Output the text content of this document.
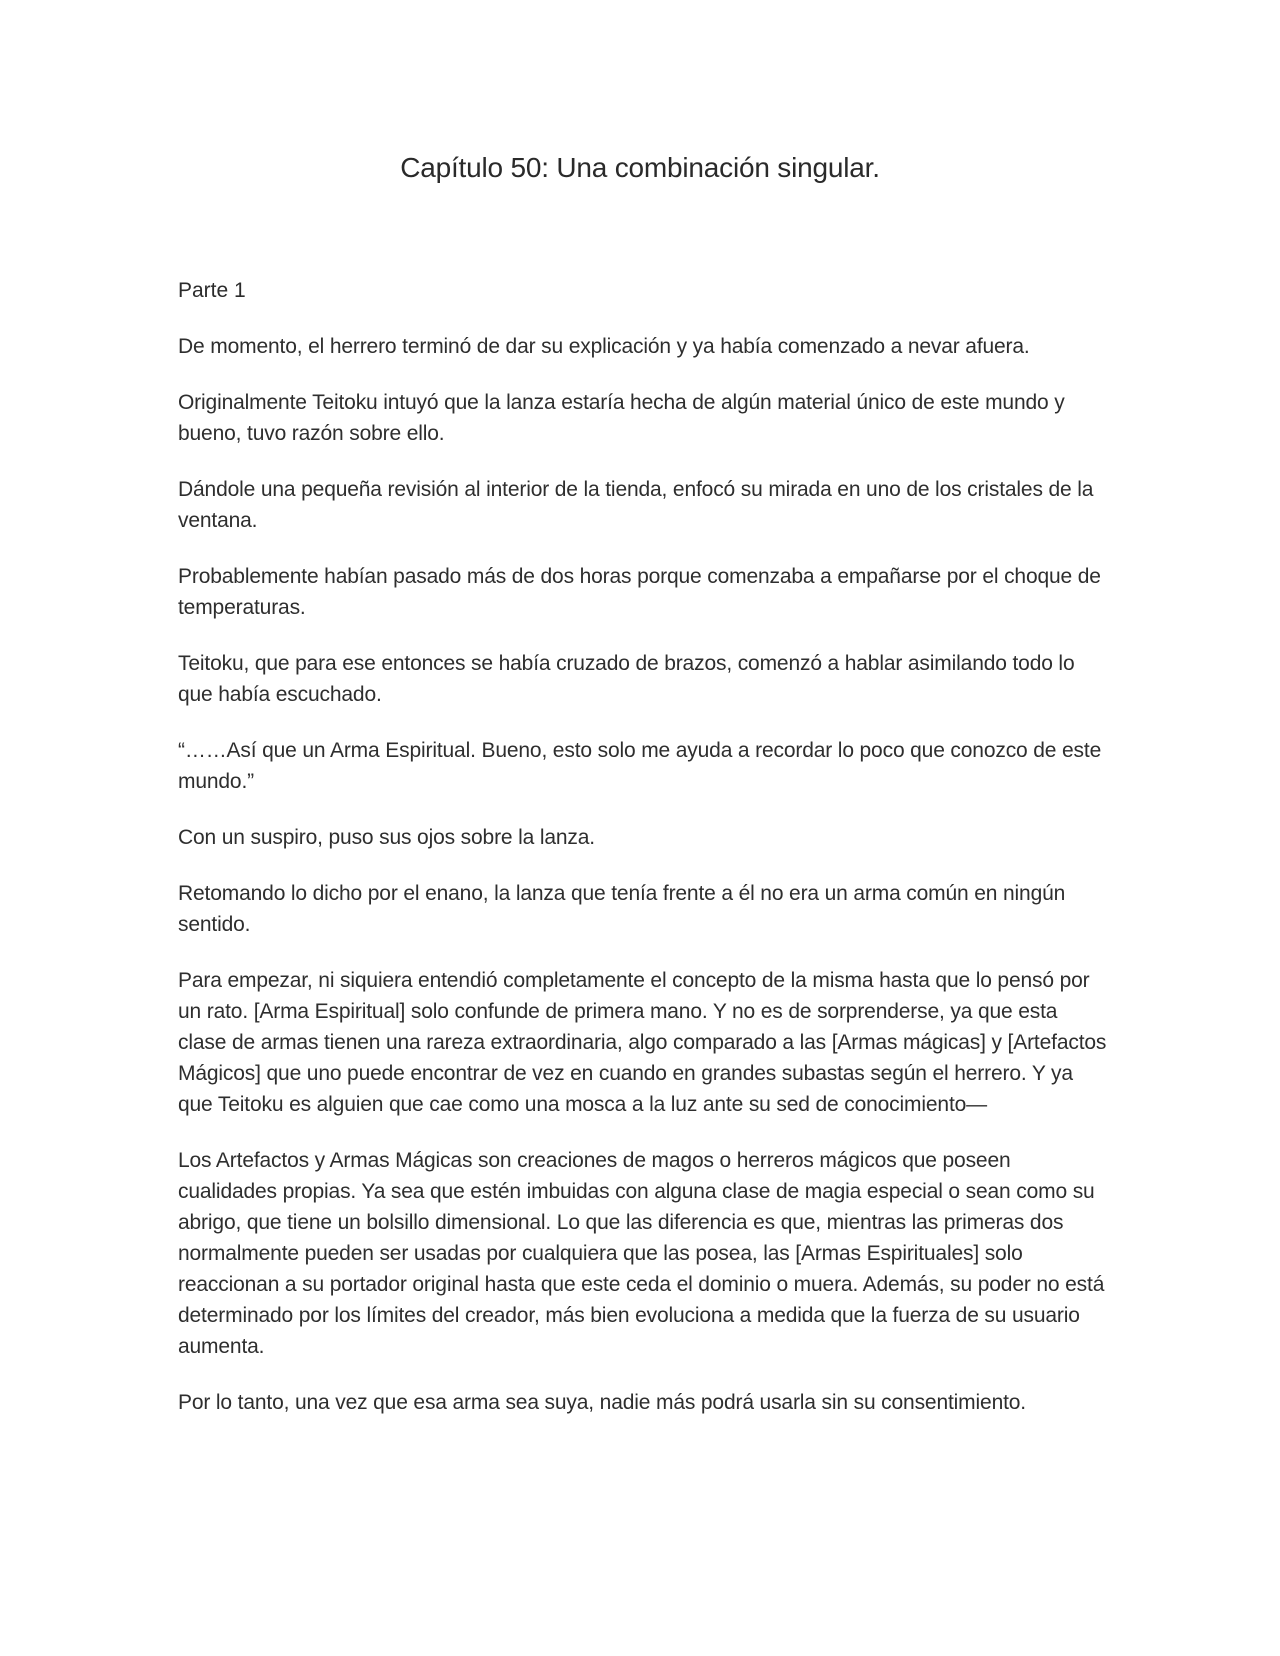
Capítulo 50: Una combinación singular.
Parte 1

De momento, el herrero terminó de dar su explicación y ya había comenzado a nevar afuera.

Originalmente Teitoku intuyó que la lanza estaría hecha de algún material único de este mundo y bueno, tuvo razón sobre ello.

Dándole una pequeña revisión al interior de la tienda, enfocó su mirada en uno de los cristales de la ventana.

Probablemente habían pasado más de dos horas porque comenzaba a empañarse por el choque de temperaturas.

Teitoku, que para ese entonces se había cruzado de brazos, comenzó a hablar asimilando todo lo que había escuchado.

“……Así que un Arma Espiritual. Bueno, esto solo me ayuda a recordar lo poco que conozco de este mundo.”

Con un suspiro, puso sus ojos sobre la lanza.

Retomando lo dicho por el enano, la lanza que tenía frente a él no era un arma común en ningún sentido.

Para empezar, ni siquiera entendió completamente el concepto de la misma hasta que lo pensó por un rato. [Arma Espiritual] solo confunde de primera mano. Y no es de sorprenderse, ya que esta clase de armas tienen una rareza extraordinaria, algo comparado a las [Armas mágicas] y [Artefactos Mágicos] que uno puede encontrar de vez en cuando en grandes subastas según el herrero. Y ya que Teitoku es alguien que cae como una mosca a la luz ante su sed de conocimiento—

Los Artefactos y Armas Mágicas son creaciones de magos o herreros mágicos que poseen cualidades propias. Ya sea que estén imbuidas con alguna clase de magia especial o sean como su abrigo, que tiene un bolsillo dimensional. Lo que las diferencia es que, mientras las primeras dos normalmente pueden ser usadas por cualquiera que las posea, las [Armas Espirituales] solo reaccionan a su portador original hasta que este ceda el dominio o muera. Además, su poder no está determinado por los límites del creador, más bien evoluciona a medida que la fuerza de su usuario aumenta.

Por lo tanto, una vez que esa arma sea suya, nadie más podrá usarla sin su consentimiento.
